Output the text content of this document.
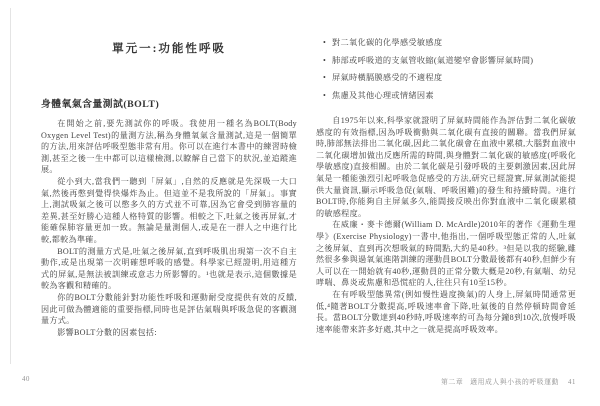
單元一:功能性呼吸
身體氧氣含量測試(BOLT)

在開始之前,要先測試你的呼吸。我使用一種名為BOLT(Body Oxygen Level Test)的量測方法,稱為身體氧氣含量測試,這是一個簡單的方法,用來評估呼吸型態非常有用。你可以在進行本書中的練習時檢測,甚至之後一生中都可以這樣檢測,以瞭解自己當下的狀況,並追蹤進展。

從小到大,當我們一聽到「屏氣」,自然的反應就是先深吸一大口氣,然後再憋到覺得快爆炸為止。但這並不是我所說的「屏氣」。事實上,測試吸氣之後可以憋多久的方式並不可靠,因為它會受到肺容量的差異,甚至好勝心這種人格特質的影響。相較之下,吐氣之後再屏氣,才能確保肺容量更加一致。無論是量測個人,或是在一群人之中進行比較,都較為準確。

BOLT的測量方式是,吐氣之後屏氣,直到呼吸肌出現第一次不自主動作,或是出現第一次明確想呼吸的感覺。科學家已經證明,用這種方式的屏氣,是無法被訓練或意志力所影響的。¹也就是表示,這個數據是較為客觀和精確的。

你的BOLT分數能針對功能性呼吸和運動耐受度提供有效的反饋,因此可做為體適能的重要指標,同時也是評估氣喘與呼吸急促的客觀測量方式。

影響BOLT分數的因素包括:

• 對二氧化碳的化學感受敏感度
• 肺部或呼吸道的支氣管收縮(氣道變窄會影響屏氣時間)
• 屏氣時橫膈膜感受的不適程度
• 焦慮及其他心理或情緒因素

自1975年以來,科學家就證明了屏氣時間能作為評估對二氧化碳敏感度的有效指標,因為呼吸衝動與二氧化碳有直接的關聯。當我們屏氣時,肺部無法排出二氧化碳,因此二氧化碳會在血液中累積,大腦對血液中二氧化碳增加做出反應所需的時間,與身體對二氧化碳的敏感度(呼吸化學敏感度)直接相關。由於二氧化碳是引發呼吸的主要刺激因素,因此屏氣是一種能強烈引起呼吸急促感受的方法,研究已經證實,屏氣測試能提供大量資訊,顯示呼吸急促(氣喘、呼吸困難)的發生和持續時間。²進行BOLT時,你能夠自主屏氣多久,能間接反映出你對血液中二氧化碳累積的敏感程度。

在威廉・麥卡德爾(William D. McArdle)2010年的著作《運動生理學》(Exercise Physiology)一書中,他指出,一個呼吸型態正常的人,吐氣之後屏氣、直到再次想吸氣的時間點,大約是40秒。³但是以我的經驗,雖然很多參與過氧氣進階訓練的運動員BOLT分數最後都有40秒,但鮮少有人可以在一開始就有40秒,運動員的正常分數大概是20秒,有氣喘、幼兒哮喘、鼻炎或焦慮和恐慌症的人,往往只有10至15秒。

在有呼吸型態異常(例如慢性過度換氣)的人身上,屏氣時間通常更低,⁴隨著BOLT分數提高,呼吸速率會下降,吐氣後的自然停頓時間會延長。當BOLT分數達到40秒時,呼吸速率約可為每分鐘8到10次,放慢呼吸速率能帶來許多好處,其中之一就是提高呼吸效率。

40	第二章 適用成人與小孩的呼吸運動 41
